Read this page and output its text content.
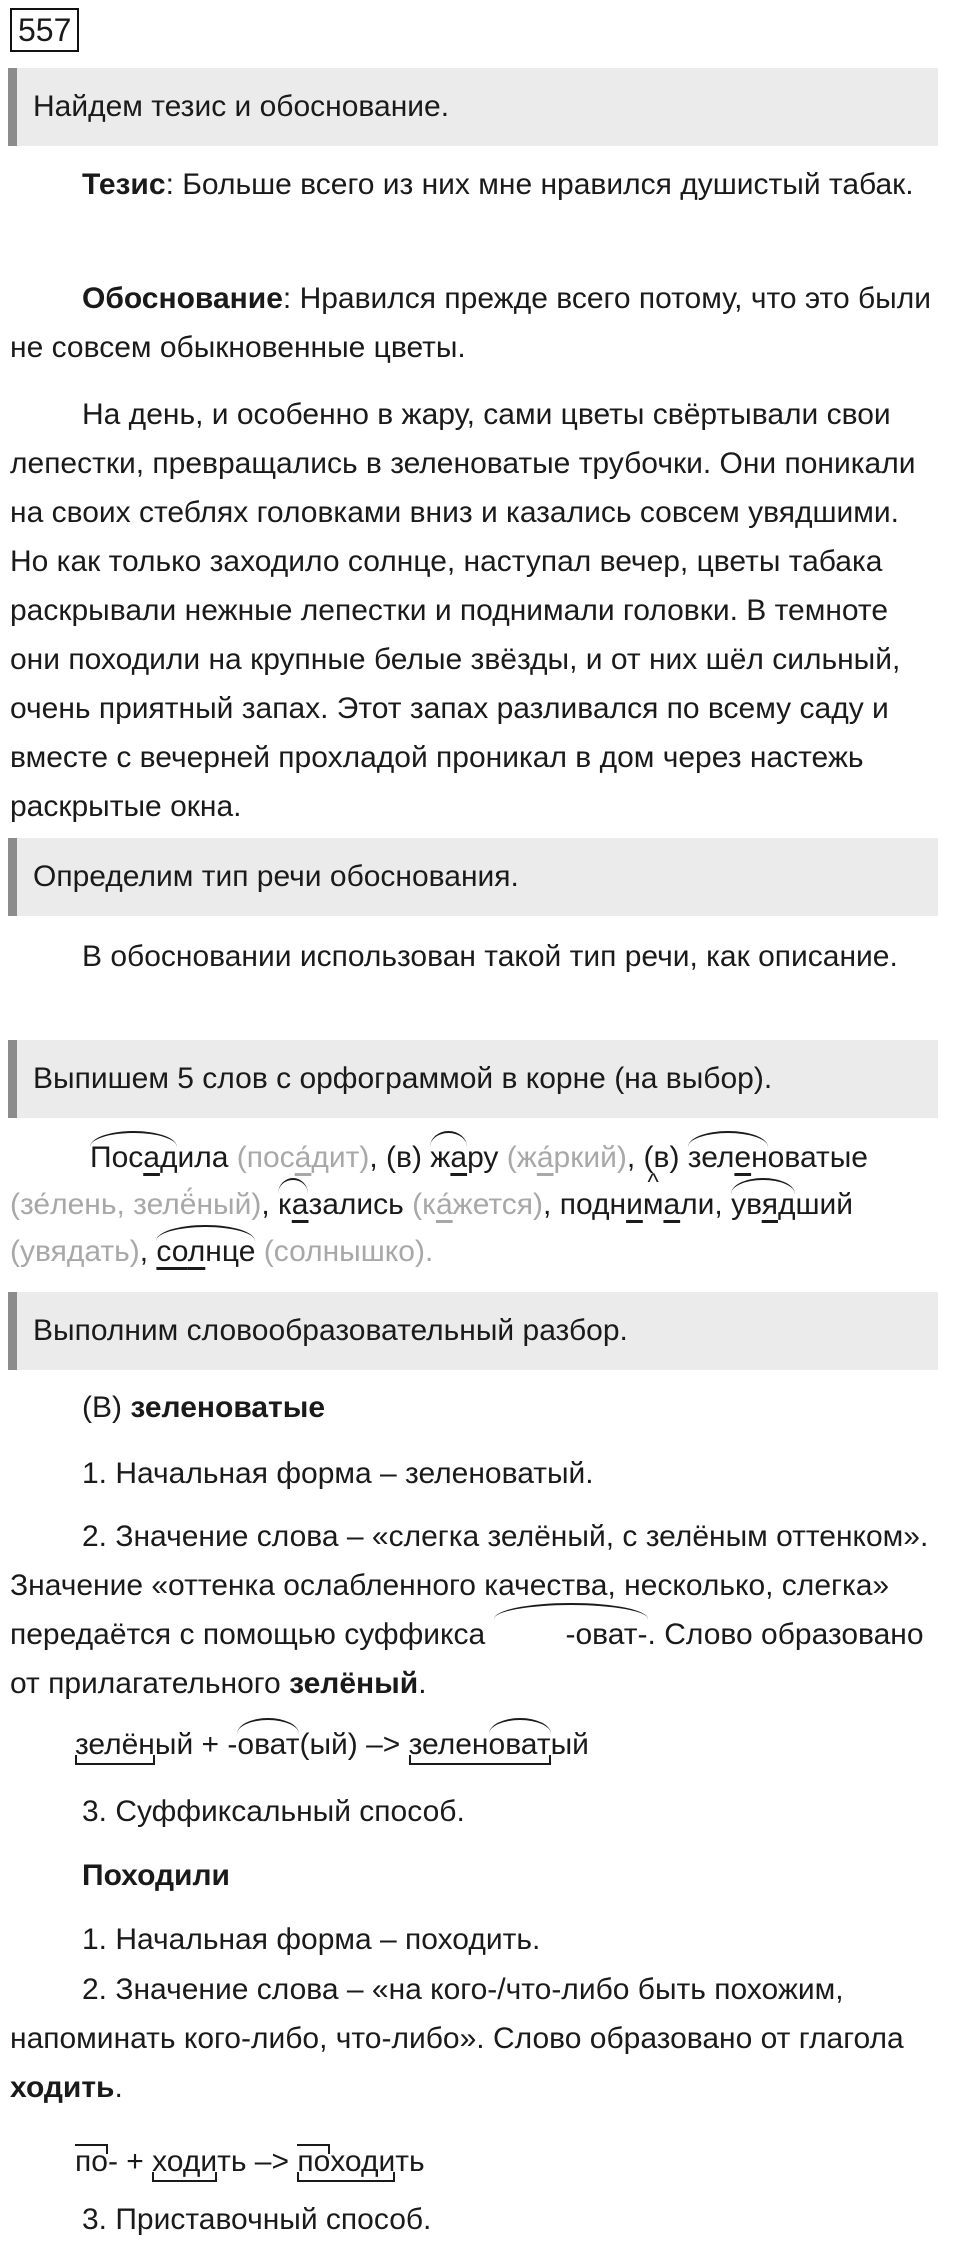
557
Найдем тезис и обоснование.

Тезис: Больше всего из них мне нравился душистый табак.

Обоснование: Нравился прежде всего потому, что это были не совсем обыкновенные цветы.

На день, и особенно в жару, сами цветы свёртывали свои лепестки, превращались в зеленоватые трубочки. Они поникали на своих стеблях головками вниз и казались совсем увядшими. Но как только заходило солнце, наступал вечер, цветы табака раскрывали нежные лепестки и поднимали головки. В темноте они походили на крупные белые звёзды, и от них шёл сильный, очень приятный запах. Этот запах разливался по всему саду и вместе с вечерней прохладой проникал в дом через настежь раскрытые окна.

Определим тип речи обоснования.

В обосновании использован такой тип речи, как описание.

Выпишем 5 слов с орфограммой в корне (на выбор).
Посадила (поса́дит), (в) жару (жа́ркий), (в) зеленоватые
(зе́лень, зелё́ный), казались (ка́жется), подни^ мали, увядший
(увядать), солнце (солнышко).
Выполним словообразовательный разбор.
(В) зеленоватые
1. Начальная форма – зеленоватый.

2. Значение слова – «слегка зелёный, с зелёным оттенком». Значение «оттенка ослабленного качества, несколько, слегка» передаётся с помощью суффикса -оват-. Слово образовано от прилагательного зелёный.

зелёный + -оват(ый) –> зеленоватый
3. Суффиксальный способ.
Походили
1. Начальная форма – походить.

2. Значение слова – «на кого-/что-либо быть похожим, напоминать кого-либо, что-либо». Слово образовано от глагола ходить.

по- + ходить –> походить
3. Приставочный способ.
